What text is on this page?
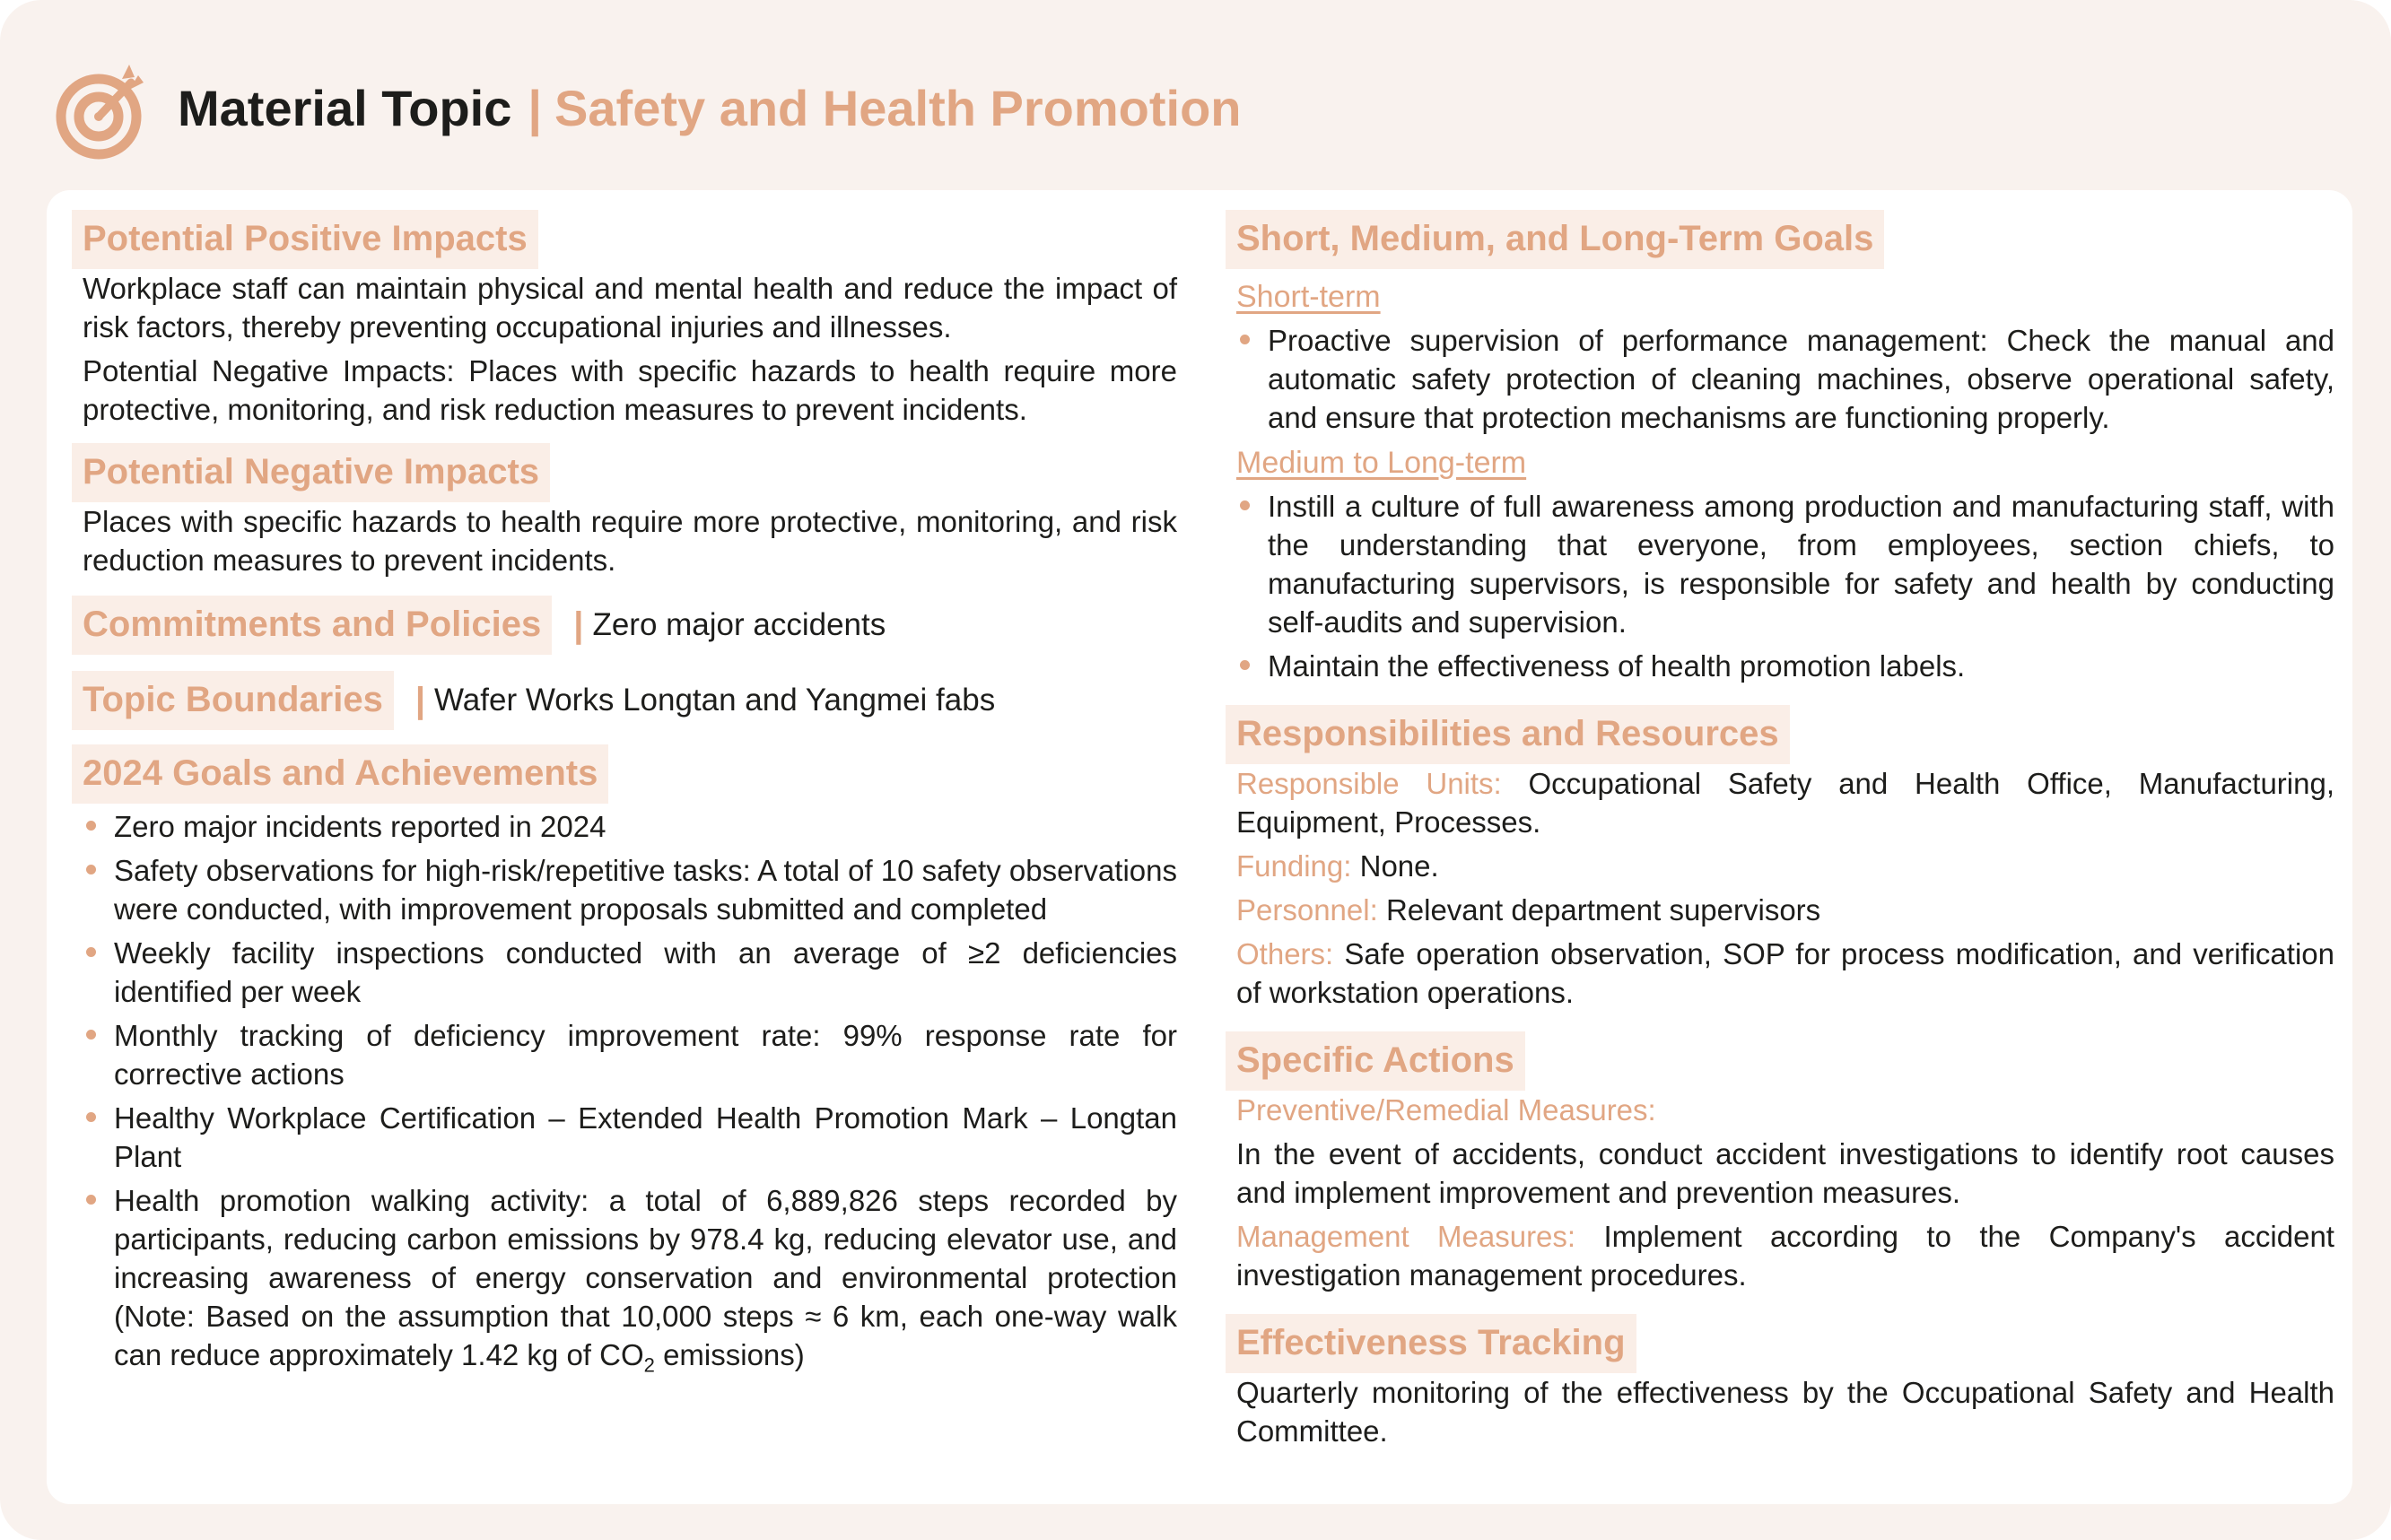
Material Topic | Safety and Health Promotion
Potential Positive Impacts

Workplace staff can maintain physical and mental health and reduce the impact of risk factors, thereby preventing occupational injuries and illnesses.

Potential Negative Impacts: Places with specific hazards to health require more protective, monitoring, and risk reduction measures to prevent incidents.

Potential Negative Impacts

Places with specific hazards to health require more protective, monitoring, and risk reduction measures to prevent incidents.

Commitments and Policies | Zero major accidents
Topic Boundaries | Wafer Works Longtan and Yangmei fabs
2024 Goals and Achievements
Zero major incidents reported in 2024
Safety observations for high-risk/repetitive tasks: A total of 10 safety observations were conducted, with improvement proposals submitted and completed
Weekly facility inspections conducted with an average of ≥2 deficiencies identified per week
Monthly tracking of deficiency improvement rate: 99% response rate for corrective actions
Healthy Workplace Certification – Extended Health Promotion Mark – Longtan Plant
Health promotion walking activity: a total of 6,889,826 steps recorded by participants, reducing carbon emissions by 978.4 kg, reducing elevator use, and increasing awareness of energy conservation and environmental protection (Note: Based on the assumption that 10,000 steps ≈ 6 km, each one-way walk can reduce approximately 1.42 kg of $CO_2$ emissions)
Short, Medium, and Long-Term Goals
Short-term
Proactive supervision of performance management: Check the manual and automatic safety protection of cleaning machines, observe operational safety, and ensure that protection mechanisms are functioning properly.
Medium to Long-term
Instill a culture of full awareness among production and manufacturing staff, with the understanding that everyone, from employees, section chiefs, to manufacturing supervisors, is responsible for safety and health by conducting self-audits and supervision.
Maintain the effectiveness of health promotion labels.
Responsibilities and Resources
Responsible Units: Occupational Safety and Health Office, Manufacturing, Equipment, Processes.
Funding: None.
Personnel: Relevant department supervisors
Others: Safe operation observation, SOP for process modification, and verification of workstation operations.
Specific Actions
Preventive/Remedial Measures:
In the event of accidents, conduct accident investigations to identify root causes and implement improvement and prevention measures.
Management Measures: Implement according to the Company's accident investigation management procedures.
Effectiveness Tracking
Quarterly monitoring of the effectiveness by the Occupational Safety and Health Committee.
